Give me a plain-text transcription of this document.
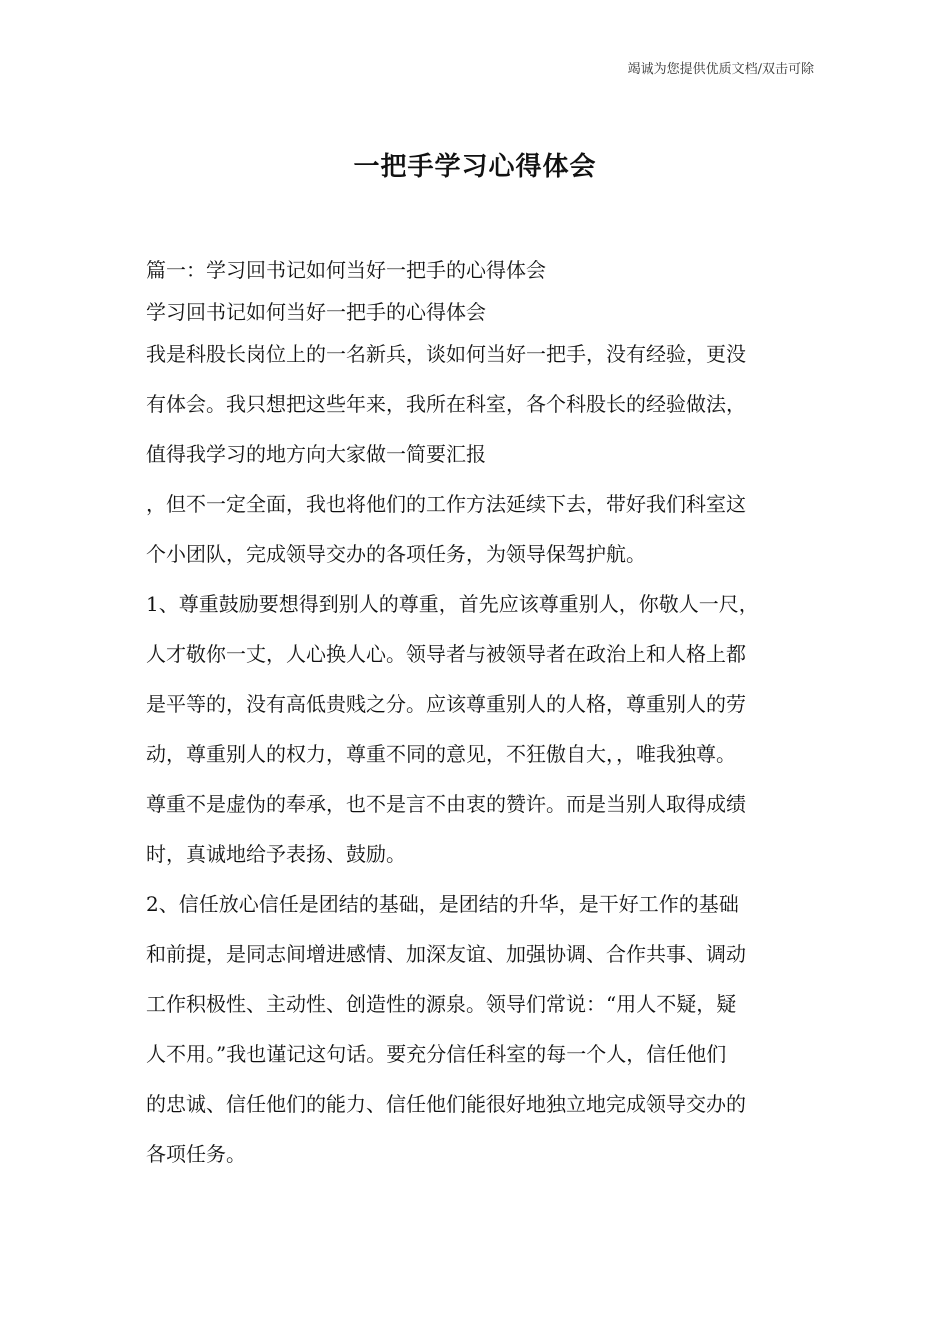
竭诚为您提供优质文档/双击可除
一把手学习心得体会

篇一：学习回书记如何当好一把手的心得体会

学习回书记如何当好一把手的心得体会

我是科股长岗位上的一名新兵，谈如何当好一把手，没有经验，更没
有体会。我只想把这些年来，我所在科室，各个科股长的经验做法，
值得我学习的地方向大家做一简要汇报

，但不一定全面，我也将他们的工作方法延续下去，带好我们科室这
个小团队，完成领导交办的各项任务，为领导保驾护航。

1、尊重鼓励要想得到别人的尊重，首先应该尊重别人，你敬人一尺，
人才敬你一丈，人心换人心。领导者与被领导者在政治上和人格上都
是平等的，没有高低贵贱之分。应该尊重别人的人格，尊重别人的劳
动，尊重别人的权力，尊重不同的意见，不狂傲自大，，唯我独尊。
尊重不是虚伪的奉承，也不是言不由衷的赞许。而是当别人取得成绩
时，真诚地给予表扬、鼓励。

2、信任放心信任是团结的基础，是团结的升华，是干好工作的基础
和前提，是同志间增进感情、加深友谊、加强协调、合作共事、调动
工作积极性、主动性、创造性的源泉。领导们常说：“用人不疑，疑
人不用。”我也谨记这句话。要充分信任科室的每一个人，信任他们
的忠诚、信任他们的能力、信任他们能很好地独立地完成领导交办的
各项任务。
